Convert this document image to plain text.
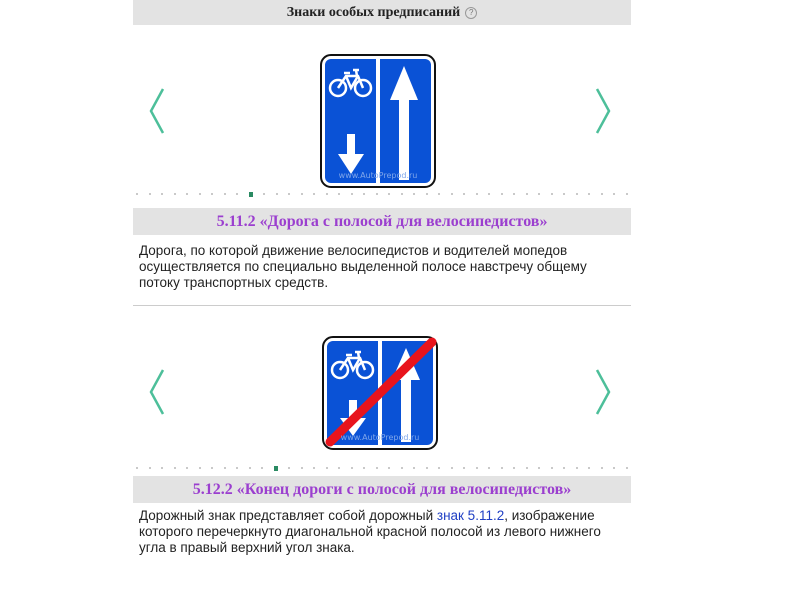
Знаки особых предписаний	?
www.AutoPrepod.ru
5.11.2 «Дорога с полосой для велосипедистов»
Дорога, по которой движение велосипедистов и водителей мопедов осуществляется по специально выделенной полосе навстречу общему потоку транспортных средств.
www.AutoPrepod.ru
5.12.2 «Конец дороги с полосой для велосипедистов»
Дорожный знак представляет собой дорожный знак 5.11.2, изображение которого перечеркнуто диагональной красной полосой из левого нижнего угла в правый верхний угол знака.
